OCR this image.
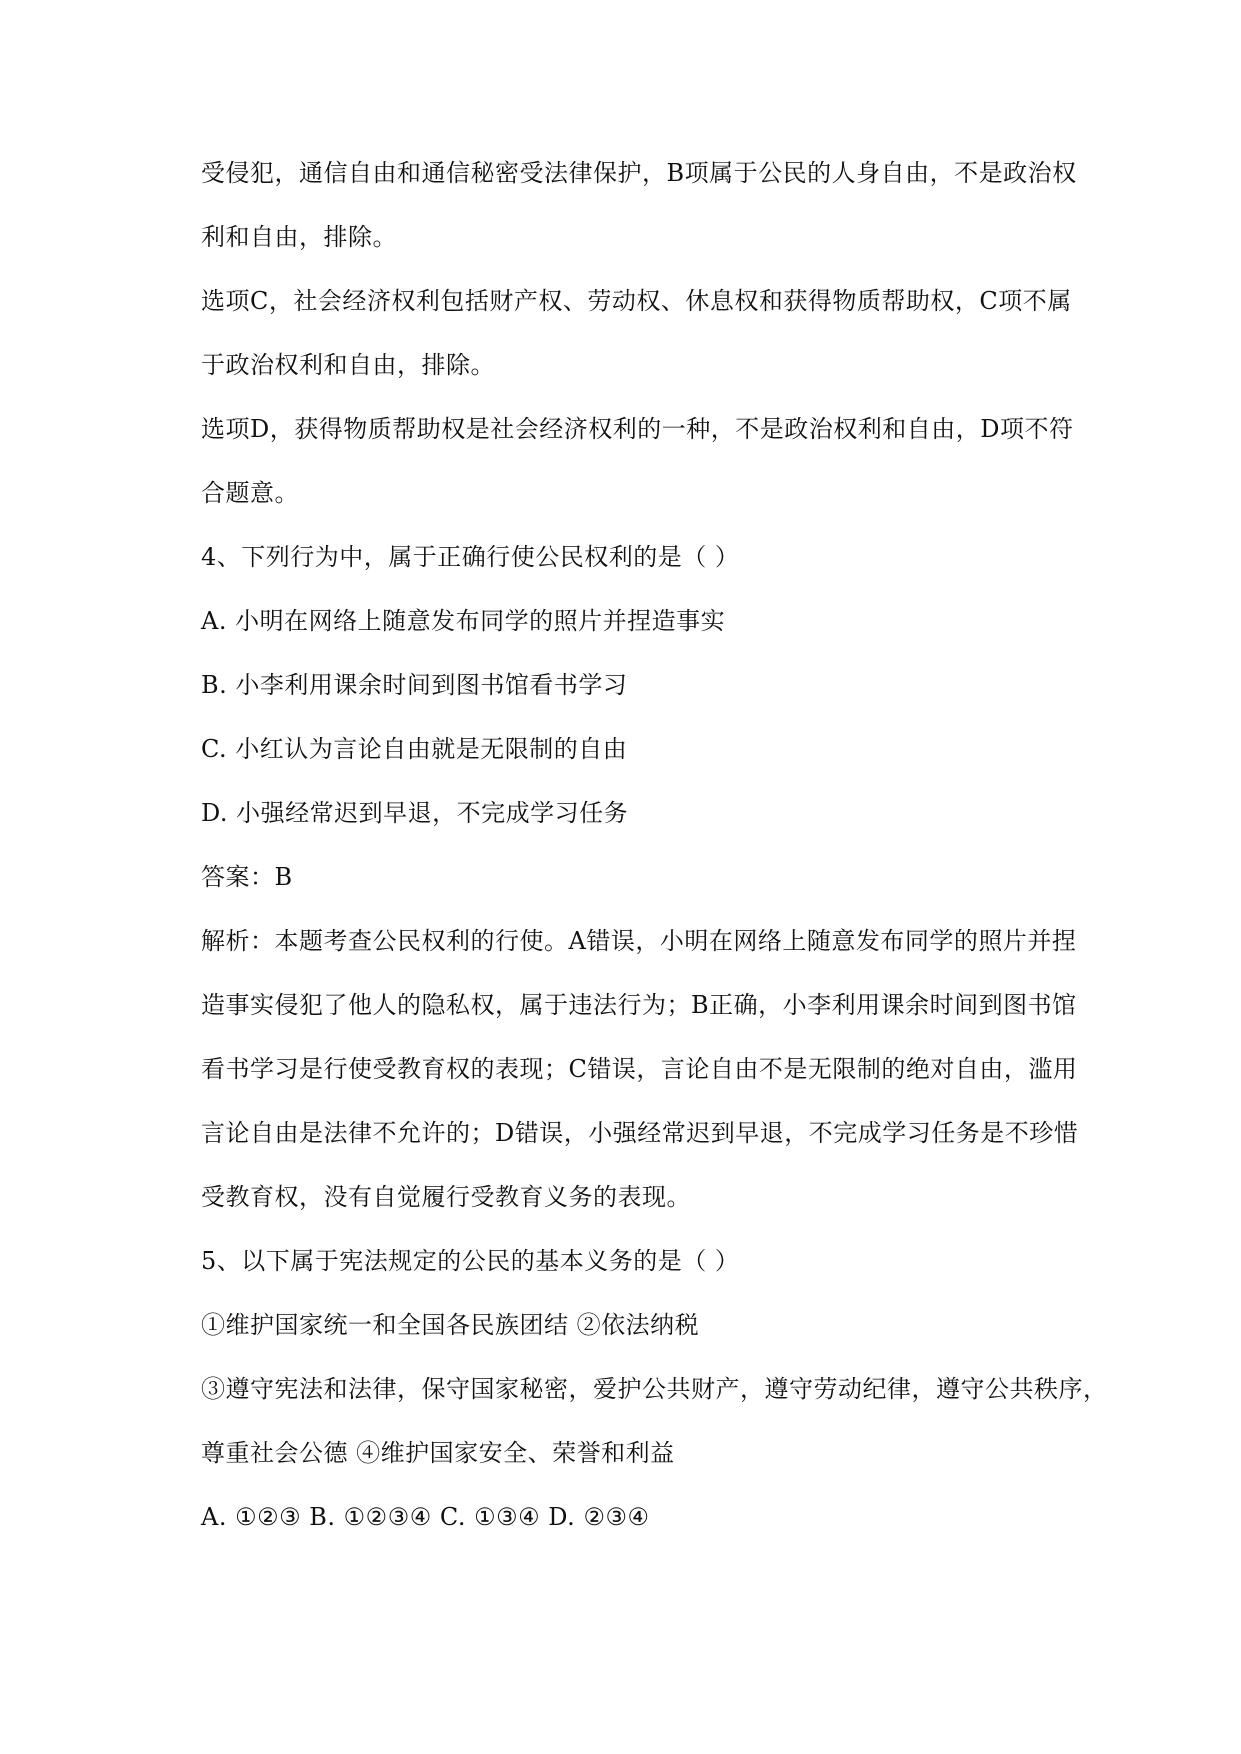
受侵犯，通信自由和通信秘密受法律保护，B项属于公民的人身自由，不是政治权
利和自由，排除。
选项C，社会经济权利包括财产权、劳动权、休息权和获得物质帮助权，C项不属
于政治权利和自由，排除。
选项D，获得物质帮助权是社会经济权利的一种，不是政治权利和自由，D项不符
合题意。
4、下列行为中，属于正确行使公民权利的是（ ）
A. 小明在网络上随意发布同学的照片并捏造事实
B. 小李利用课余时间到图书馆看书学习
C. 小红认为言论自由就是无限制的自由
D. 小强经常迟到早退，不完成学习任务
答案：B
解析：本题考查公民权利的行使。A错误，小明在网络上随意发布同学的照片并捏
造事实侵犯了他人的隐私权，属于违法行为；B正确，小李利用课余时间到图书馆
看书学习是行使受教育权的表现；C错误，言论自由不是无限制的绝对自由，滥用
言论自由是法律不允许的；D错误，小强经常迟到早退，不完成学习任务是不珍惜
受教育权，没有自觉履行受教育义务的表现。
5、以下属于宪法规定的公民的基本义务的是（ ）
①维护国家统一和全国各民族团结 ②依法纳税
③遵守宪法和法律，保守国家秘密，爱护公共财产，遵守劳动纪律，遵守公共秩序，
尊重社会公德 ④维护国家安全、荣誉和利益
A. ①②③ B. ①②③④ C. ①③④ D. ②③④
